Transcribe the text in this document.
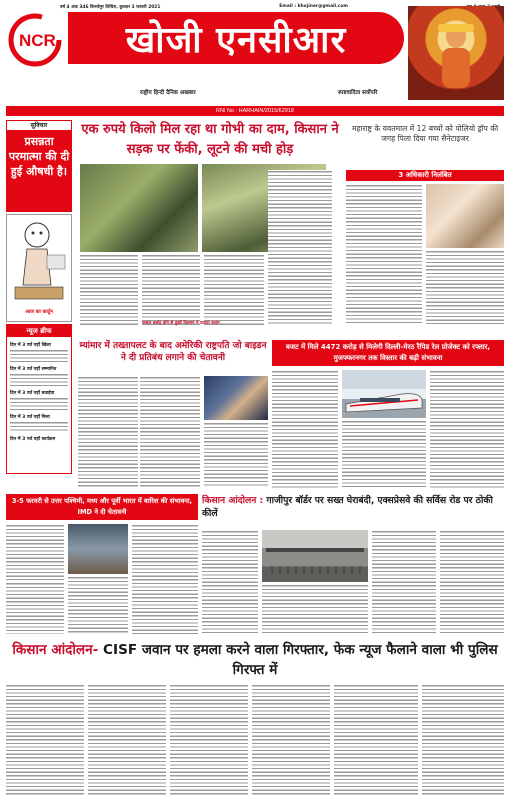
वर्ष 4 अंक 346 बिनजेमुर लिधिरा, बुधवार 3 फरवरी 2021	Email : khojiner@gmail.com
NCR खोजी एनसीआर
राष्ट्रीय हिन्दी दैनिक अखबार	स्पष्टवादिता सर्वोपरि
RNI No : HARHAIN/2015/62918
सुविचार
प्रसन्नता परमात्मा की दी हुई औषधी है।
आज का कार्टून
न्यूज ब्रीफ
दिन में 3 पर्व यहाँ खिला
दिन में 3 पर्व यहाँ सम्मानित
दिन में 3 पर्व यहाँ बधाईया
दिन में 3 पर्व यहाँ मिला
दिन में 3 पर्व यहाँ कार्यक्रम
एक रुपये किलो मिल रहा था गोभी का दाम, किसान ने सड़क पर फेंकी, लूटने की मची होड़
फसल बर्बाद होने से दुखी किसान ने उठाया कदम
महाराष्ट्र के यवतमाल में 12 बच्चों को पोलियो ड्रॉप की जगह पिला दिया गया सैनेटाइजर
3 अधिकारी निलंबित
म्यांमार में तख्तापलट के बाद अमेरिकी राष्ट्रपति जो बाइडन ने दी प्रतिबंध लगाने की चेतावनी
बजट में मिले 4472 करोड़ से मिलेगी दिल्ली-मेरठ रैपिड रेल प्रोजेक्ट को रफ्तार, मुजफ्फरनगर तक विस्तार की बढ़ी संभावना
3-5 फरवरी से उत्तर पश्चिमी, मध्य और पूर्वी भारत में बारिश की संभावना, IMD ने दी चेतावनी
किसान आंदोलन : गाजीपुर बॉर्डर पर सख्त घेराबंदी, एक्सप्रेसवे की सर्विस रोड पर ठोकी कीलें
किसान आंदोलन- CISF जवान पर हमला करने वाला गिरफ्तार, फेक न्यूज फैलाने वाला भी पुलिस गिरफ्त में
